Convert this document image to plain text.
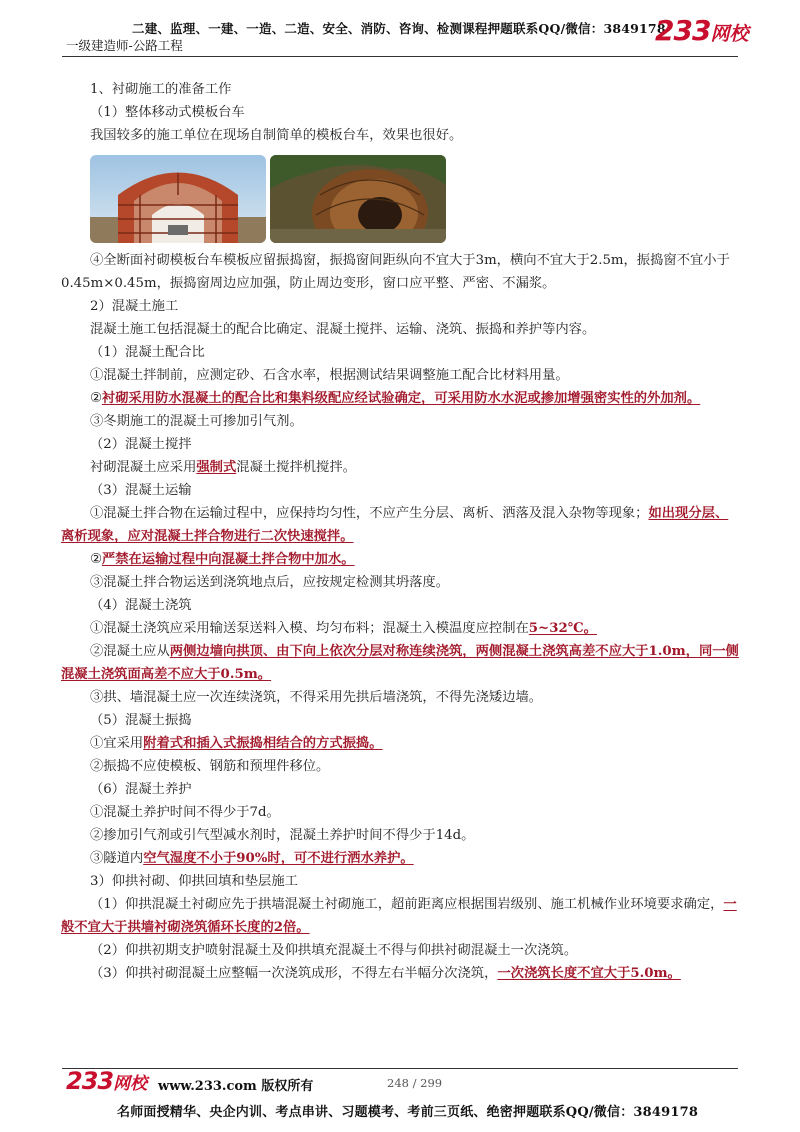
二建、监理、一建、一造、二造、安全、消防、咨询、检测课程押题联系QQ/微信：3849178
一级建造师-公路工程	233网校

1、衬砌施工的准备工作

（1）整体移动式模板台车

我国较多的施工单位在现场自制简单的模板台车，效果也很好。

④全断面衬砌模板台车模板应留振捣窗，振捣窗间距纵向不宜大于3m，横向不宜大于2.5m，振捣窗不宜小于0.45m×0.45m，振捣窗周边应加强，防止周边变形，窗口应平整、严密、不漏浆。

2）混凝土施工

混凝土施工包括混凝土的配合比确定、混凝土搅拌、运输、浇筑、振捣和养护等内容。

（1）混凝土配合比

①混凝土拌制前，应测定砂、石含水率，根据测试结果调整施工配合比材料用量。

②衬砌采用防水混凝土的配合比和集料级配应经试验确定，可采用防水水泥或掺加增强密实性的外加剂。

③冬期施工的混凝土可掺加引气剂。

（2）混凝土搅拌

衬砌混凝土应采用强制式混凝土搅拌机搅拌。

（3）混凝土运输

①混凝土拌合物在运输过程中，应保持均匀性，不应产生分层、离析、洒落及混入杂物等现象；如出现分层、离析现象，应对混凝土拌合物进行二次快速搅拌。

②严禁在运输过程中向混凝土拌合物中加水。

③混凝土拌合物运送到浇筑地点后，应按规定检测其坍落度。

（4）混凝土浇筑

①混凝土浇筑应采用输送泵送料入模、均匀布料；混凝土入模温度应控制在5~32℃。

②混凝土应从两侧边墙向拱顶、由下向上依次分层对称连续浇筑，两侧混凝土浇筑高差不应大于1.0m，同一侧混凝土浇筑面高差不应大于0.5m。

③拱、墙混凝土应一次连续浇筑，不得采用先拱后墙浇筑，不得先浇矮边墙。

（5）混凝土振捣

①宜采用附着式和插入式振捣相结合的方式振捣。

②振捣不应使模板、钢筋和预埋件移位。

（6）混凝土养护

①混凝土养护时间不得少于7d。

②掺加引气剂或引气型减水剂时，混凝土养护时间不得少于14d。

③隧道内空气湿度不小于90%时，可不进行洒水养护。

3）仰拱衬砌、仰拱回填和垫层施工

（1）仰拱混凝土衬砌应先于拱墙混凝土衬砌施工，超前距离应根据围岩级别、施工机械作业环境要求确定，一般不宜大于拱墙衬砌浇筑循环长度的2倍。

（2）仰拱初期支护喷射混凝土及仰拱填充混凝土不得与仰拱衬砌混凝土一次浇筑。

（3）仰拱衬砌混凝土应整幅一次浇筑成形，不得左右半幅分次浇筑，一次浇筑长度不宜大于5.0m。

233网校 www.233.com 版权所有	248 / 299
名师面授精华、央企内训、考点串讲、习题模考、考前三页纸、绝密押题联系QQ/微信：3849178
